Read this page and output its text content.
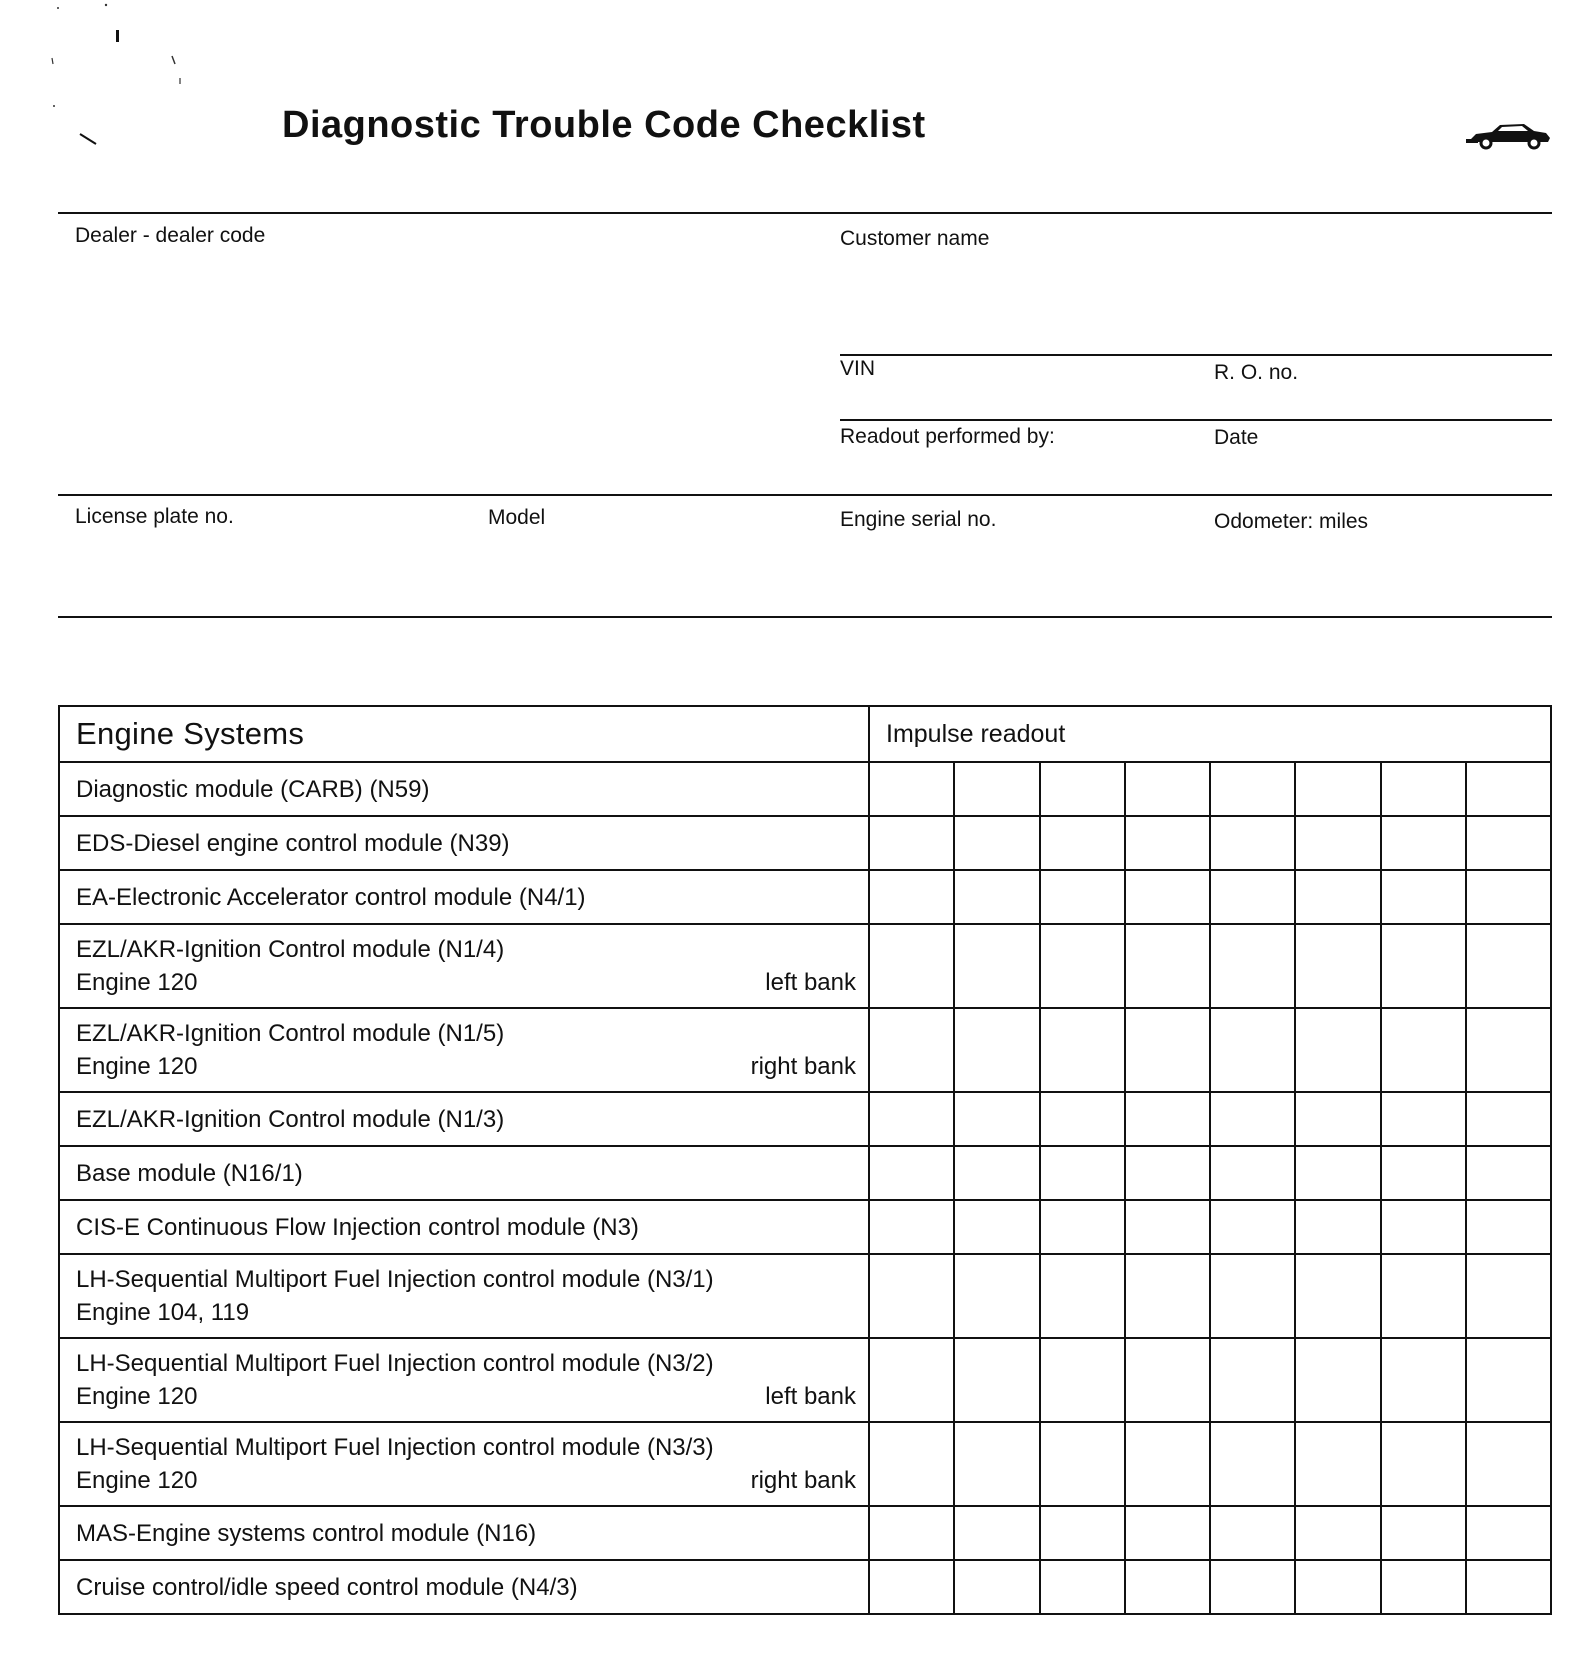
Diagnostic Trouble Code Checklist
Dealer - dealer code	Customer name
VIN	R. O. no.
Readout performed by:	Date
License plate no.	Model	Engine serial no.	Odometer: miles
Engine Systems	Impulse readout							

Diagnostic module (CARB) (N59)								

EDS-Diesel engine control module (N39)								

EA-Electronic Accelerator control module (N4/1)								

EZL/AKR-Ignition Control module (N1/4)
Engine 120 left bank								

EZL/AKR-Ignition Control module (N1/5)
Engine 120 right bank								

EZL/AKR-Ignition Control module (N1/3)								

Base module (N16/1)								

CIS-E Continuous Flow Injection control module (N3)								

LH-Sequential Multiport Fuel Injection control module (N3/1)
Engine 104, 119								

LH-Sequential Multiport Fuel Injection control module (N3/2)
Engine 120 left bank								

LH-Sequential Multiport Fuel Injection control module (N3/3)
Engine 120 right bank								

MAS-Engine systems control module (N16)								

Cruise control/idle speed control module (N4/3)								
